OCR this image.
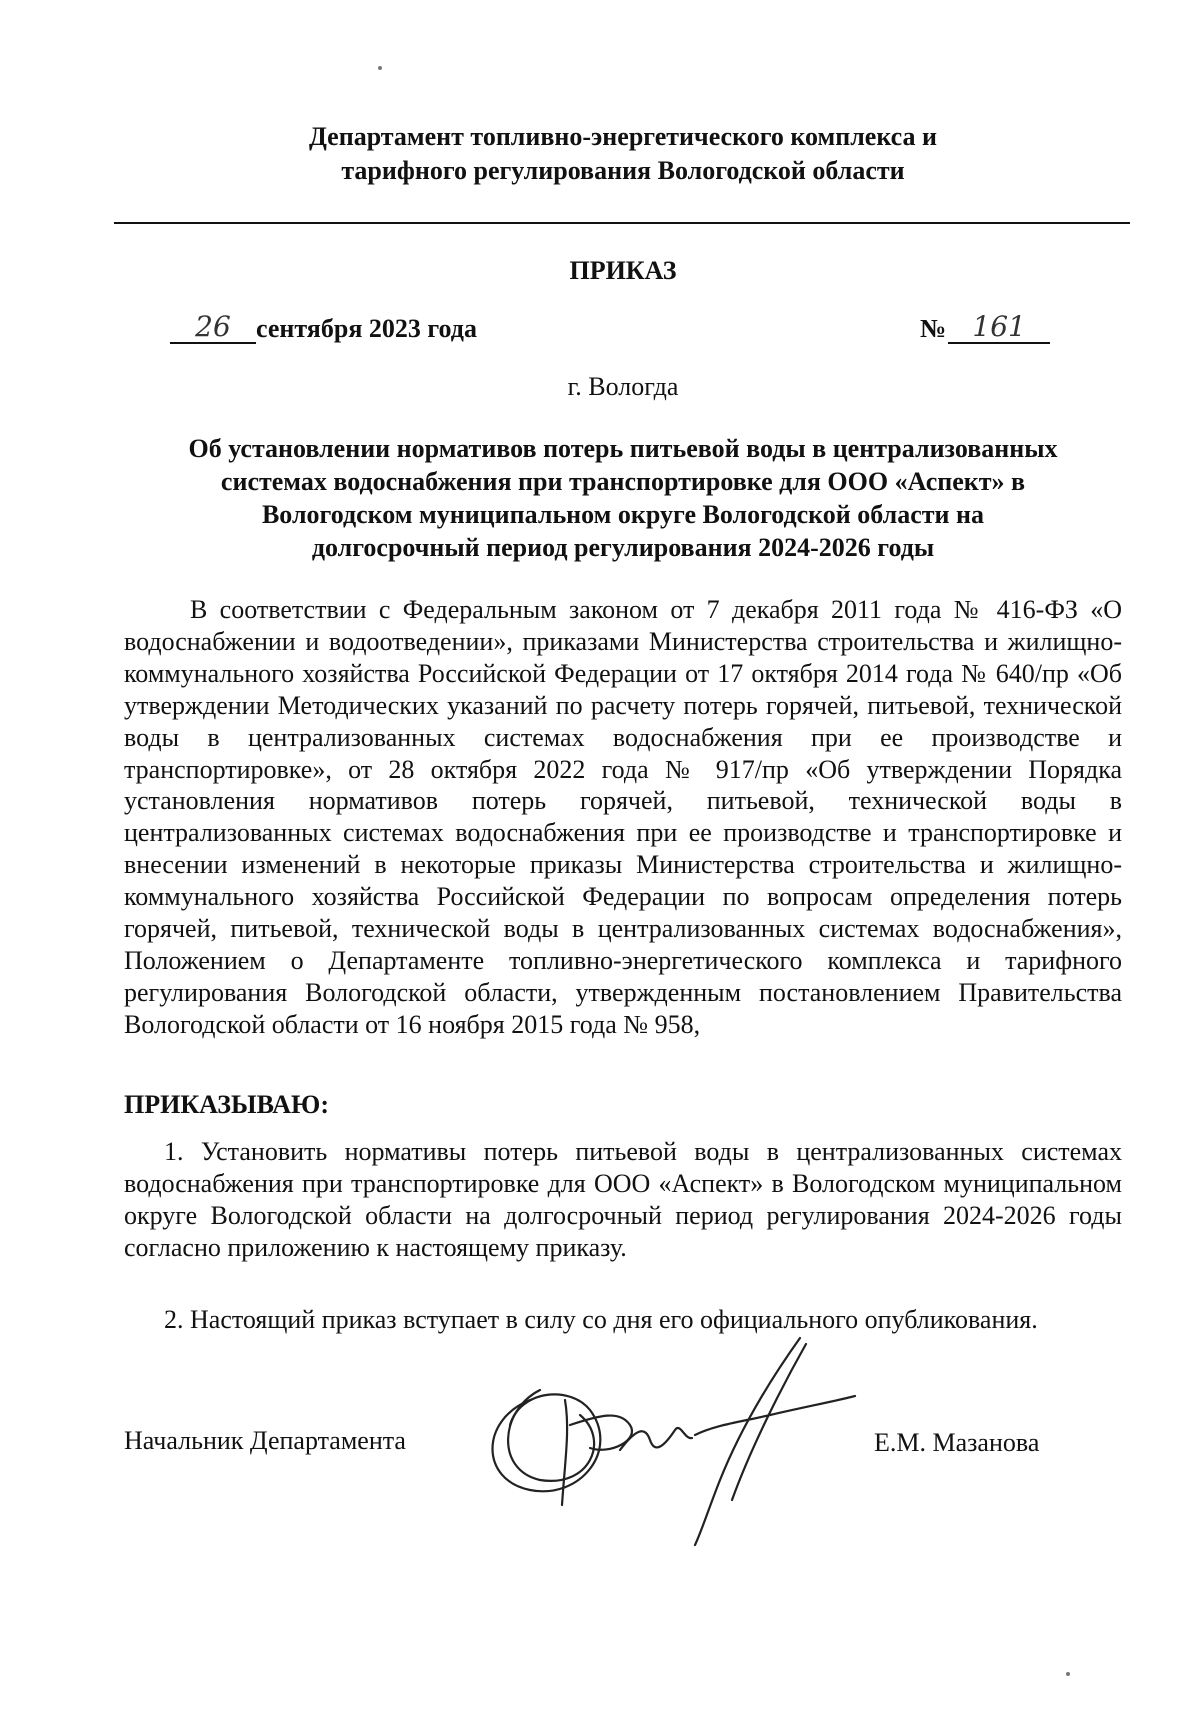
Департамент топливно-энергетического комплекса и
тарифного регулирования Вологодской области
ПРИКАЗ
26 сентября 2023 года	№ 161
г. Вологда
Об установлении нормативов потерь питьевой воды в централизованных
системах водоснабжения при транспортировке для ООО «Аспект» в
Вологодском муниципальном округе Вологодской области на
долгосрочный период регулирования 2024-2026 годы

В соответствии с Федеральным законом от 7 декабря 2011 года № 416-ФЗ «О водоснабжении и водоотведении», приказами Министерства строительства и жилищно-коммунального хозяйства Российской Федерации от 17 октября 2014 года № 640/пр «Об утверждении Методических указаний по расчету потерь горячей, питьевой, технической воды в централизованных системах водоснабжения при ее производстве и транспортировке», от 28 октября 2022 года № 917/пр «Об утверждении Порядка установления нормативов потерь горячей, питьевой, технической воды в централизованных системах водоснабжения при ее производстве и транспортировке и внесении изменений в некоторые приказы Министерства строительства и жилищно-коммунального хозяйства Российской Федерации по вопросам определения потерь горячей, питьевой, технической воды в централизованных системах водоснабжения», Положением о Департаменте топливно-энергетического комплекса и тарифного регулирования Вологодской области, утвержденным постановлением Правительства Вологодской области от 16 ноября 2015 года № 958,

ПРИКАЗЫВАЮ:

1. Установить нормативы потерь питьевой воды в централизованных системах водоснабжения при транспортировке для ООО «Аспект» в Вологодском муниципальном округе Вологодской области на долгосрочный период регулирования 2024-2026 годы согласно приложению к настоящему приказу.

2. Настоящий приказ вступает в силу со дня его официального опубликования.

Начальник Департамента	Е.М. Мазанова
